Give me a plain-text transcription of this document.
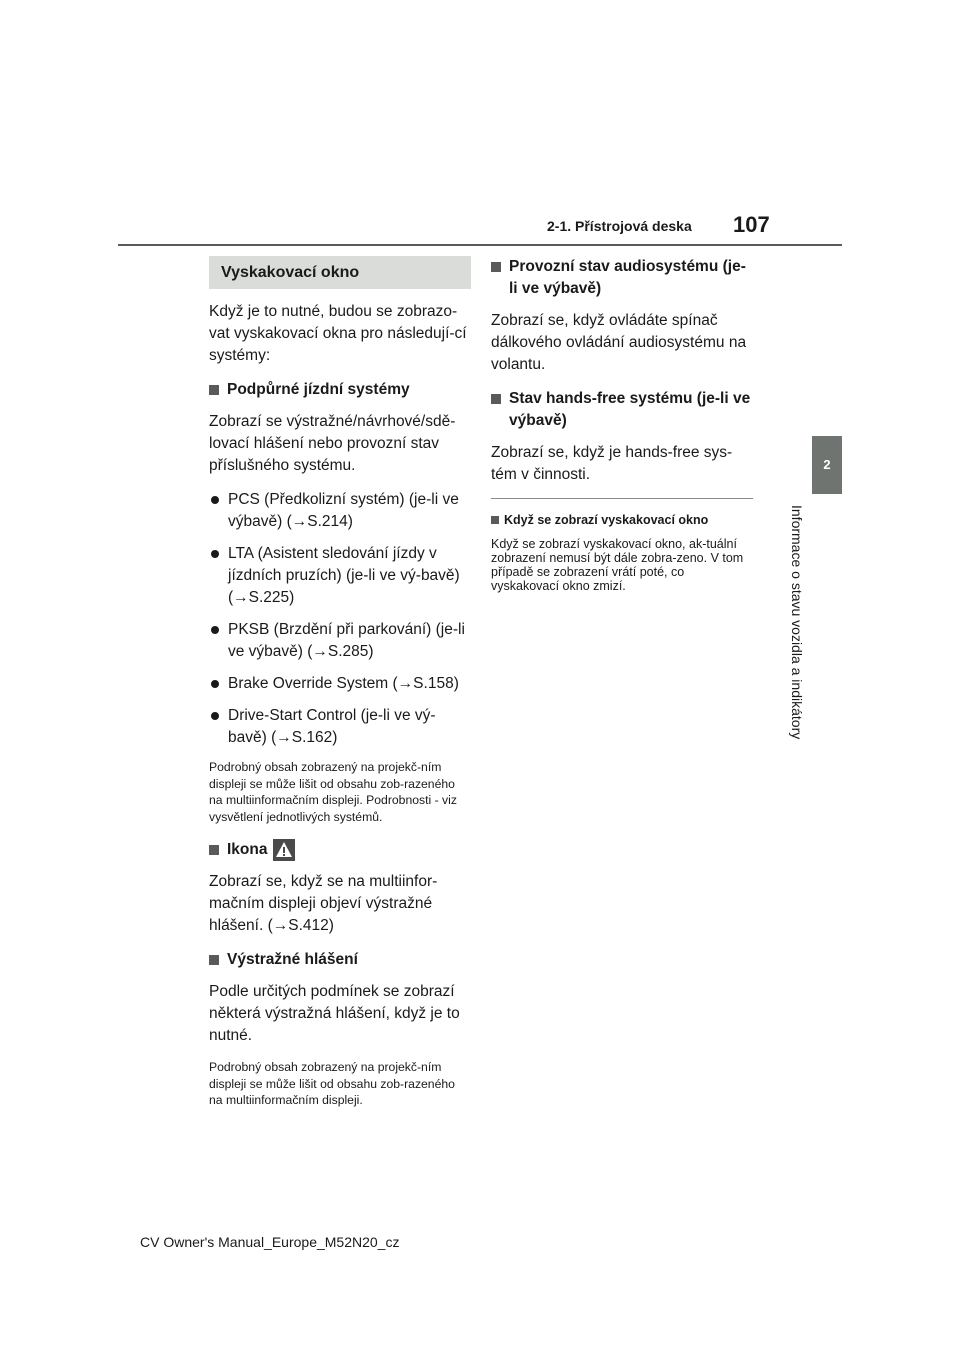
2-1. Přístrojová deska 107
2
Informace o stavu vozidla a indikátory
Vyskakovací okno

Když je to nutné, budou se zobrazo-vat vyskakovací okna pro následují-cí systémy:

Podpůrné jízdní systémy

Zobrazí se výstražné/návrhové/sdě-lovací hlášení nebo provozní stav příslušného systému.

PCS (Předkolizní systém) (je-li ve výbavě) (→S.214)
LTA (Asistent sledování jízdy v jízdních pruzích) (je-li ve vý-bavě) (→S.225)
PKSB (Brzdění při parkování) (je-li ve výbavě) (→S.285)
Brake Override System (→S.158)
Drive-Start Control (je-li ve vý-bavě) (→S.162)

Podrobný obsah zobrazený na projekč-ním displeji se může lišit od obsahu zob-razeného na multiinformačním displeji. Podrobnosti - viz vysvětlení jednotlivých systémů.

Ikona

Zobrazí se, když se na multiinfor-mačním displeji objeví výstražné hlášení. (→S.412)

Výstražné hlášení

Podle určitých podmínek se zobrazí některá výstražná hlášení, když je to nutné.

Podrobný obsah zobrazený na projekč-ním displeji se může lišit od obsahu zob-razeného na multiinformačním displeji.

Provozní stav audiosystému (je-li ve výbavě)

Zobrazí se, když ovládáte spínač dálkového ovládání audiosystému na volantu.

Stav hands-free systému (je-li ve výbavě)

Zobrazí se, když je hands-free sys-tém v činnosti.

Když se zobrazí vyskakovací okno
Když se zobrazí vyskakovací okno, ak-tuální zobrazení nemusí být dále zobra-zeno. V tom případě se zobrazení vrátí poté, co vyskakovací okno zmizí.
CV Owner's Manual_Europe_M52N20_cz
